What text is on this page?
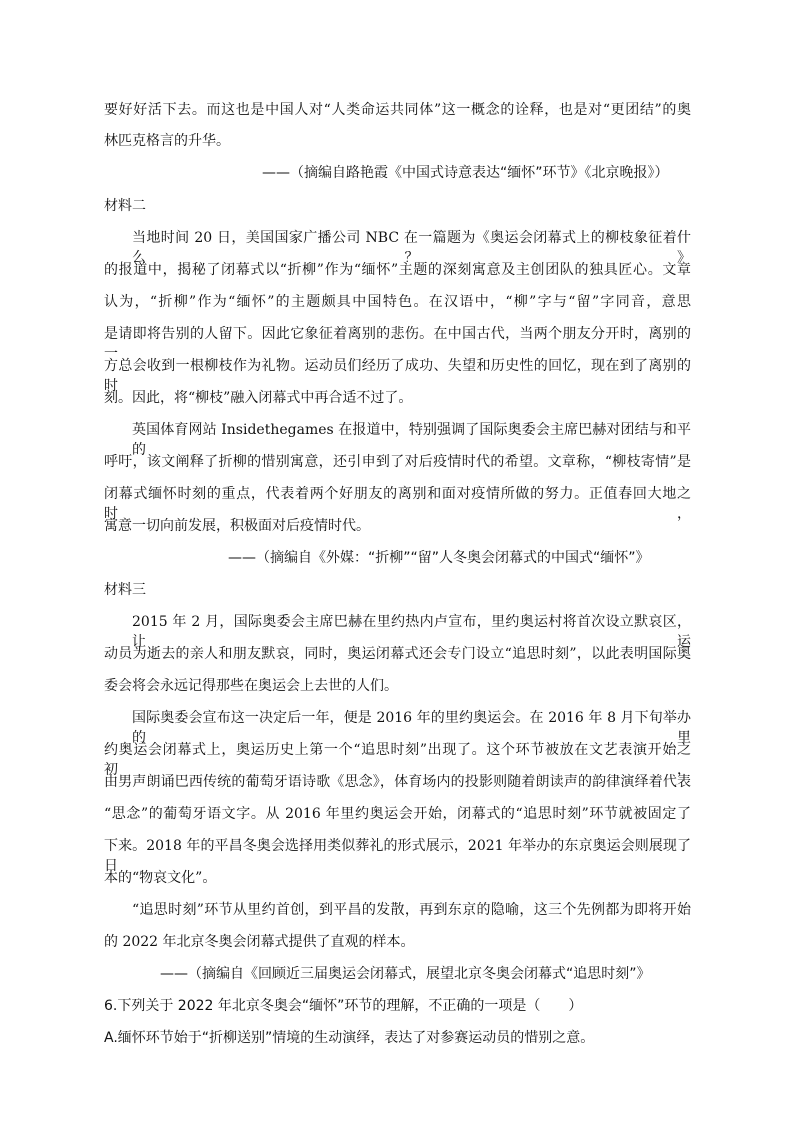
要好好活下去。而这也是中国人对“人类命运共同体”这一概念的诠释，也是对“更团结”的奥
林匹克格言的升华。
——（摘编自路艳霞《中国式诗意表达“缅怀”环节》《北京晚报》）
材料二
当地时间 20 日，美国国家广播公司 NBC 在一篇题为《奥运会闭幕式上的柳枝象征着什么？》
的报道中，揭秘了闭幕式以“折柳”作为“缅怀”主题的深刻寓意及主创团队的独具匠心。文章
认为，“折柳”作为“缅怀”的主题颇具中国特色。在汉语中，“柳”字与“留”字同音，意思
是请即将告别的人留下。因此它象征着离别的悲伤。在中国古代，当两个朋友分开时，离别的一
方总会收到一根柳枝作为礼物。运动员们经历了成功、失望和历史性的回忆，现在到了离别的时
刻。因此，将“柳枝”融入闭幕式中再合适不过了。
英国体育网站 Insidethegames 在报道中，特别强调了国际奥委会主席巴赫对团结与和平的
呼吁，该文阐释了折柳的惜别寓意，还引申到了对后疫情时代的希望。文章称，“柳枝寄情”是
闭幕式缅怀时刻的重点，代表着两个好朋友的离别和面对疫情所做的努力。正值春回大地之时，
寓意一切向前发展，积极面对后疫情时代。
——（摘编自《外媒：“折柳”“留”人冬奥会闭幕式的中国式“缅怀”》
材料三
2015 年 2 月，国际奥委会主席巴赫在里约热内卢宣布，里约奥运村将首次设立默哀区，让运
动员为逝去的亲人和朋友默哀，同时，奥运闭幕式还会专门设立“追思时刻”，以此表明国际奥
委会将会永远记得那些在奥运会上去世的人们。
国际奥委会宣布这一决定后一年，便是 2016 年的里约奥运会。在 2016 年 8 月下旬举办的里
约奥运会闭幕式上，奥运历史上第一个“追思时刻”出现了。这个环节被放在文艺表演开始之初，
由男声朗诵巴西传统的葡萄牙语诗歌《思念》，体育场内的投影则随着朗读声的韵律演绎着代表
“思念”的葡萄牙语文字。从 2016 年里约奥运会开始，闭幕式的“追思时刻”环节就被固定了
下来。2018 年的平昌冬奥会选择用类似葬礼的形式展示，2021 年举办的东京奥运会则展现了日
本的“物哀文化”。
“追思时刻”环节从里约首创，到平昌的发散，再到东京的隐喻，这三个先例都为即将开始
的 2022 年北京冬奥会闭幕式提供了直观的样本。
——（摘编自《回顾近三届奥运会闭幕式，展望北京冬奥会闭幕式“追思时刻”》
6.下列关于 2022 年北京冬奥会“缅怀”环节的理解，不正确的一项是（　　）
A.缅怀环节始于“折柳送别”情境的生动演绎，表达了对参赛运动员的惜别之意。
